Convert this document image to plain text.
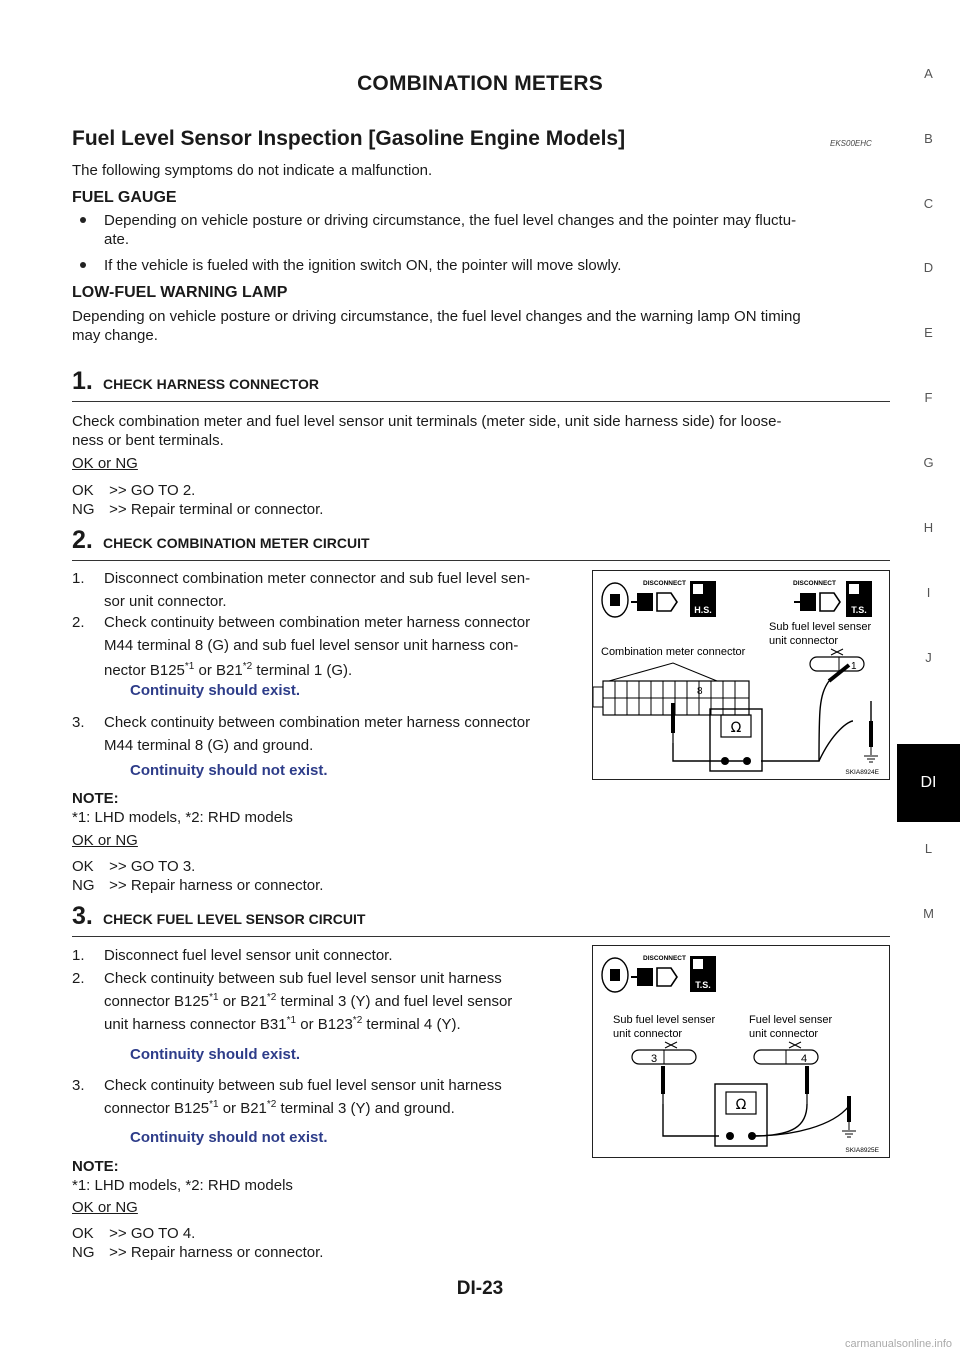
COMBINATION METERS
Fuel Level Sensor Inspection [Gasoline Engine Models]	EKS00EHC
The following symptoms do not indicate a malfunction.
FUEL GAUGE
Depending on vehicle posture or driving circumstance, the fuel level changes and the pointer may fluctu-
ate.
If the vehicle is fueled with the ignition switch ON, the pointer will move slowly.
LOW-FUEL WARNING LAMP
Depending on vehicle posture or driving circumstance, the fuel level changes and the warning lamp ON timing
may change.
1. CHECK HARNESS CONNECTOR
Check combination meter and fuel level sensor unit terminals (meter side, unit side harness side) for loose-
ness or bent terminals.
OK or NG
OK >> GO TO 2.
NG >> Repair terminal or connector.
2. CHECK COMBINATION METER CIRCUIT
1. Disconnect combination meter connector and sub fuel level sen-
sor unit connector.
2. Check continuity between combination meter harness connector
M44 terminal 8 (G) and sub fuel level sensor unit harness con-
nector B125$^{*1}$ or B21$^{*2}$ terminal 1 (G).
Continuity should exist.
3. Check continuity between combination meter harness connector
M44 terminal 8 (G) and ground.
Continuity should not exist.
NOTE:
*1: LHD models, *2: RHD models
OK or NG
OK >> GO TO 3.
NG >> Repair harness or connector.
DISCONNECT
H.S.
DISCONNECT
T.S.
Sub fuel level senser
unit connector
Combination meter connector
8
1
Ω
SKIA8924E
3. CHECK FUEL LEVEL SENSOR CIRCUIT
1. Disconnect fuel level sensor unit connector.
2. Check continuity between sub fuel level sensor unit harness
connector B125$^{*1}$ or B21$^{*2}$ terminal 3 (Y) and fuel level sensor
unit harness connector B31$^{*1}$ or B123$^{*2}$ terminal 4 (Y).
Continuity should exist.
3. Check continuity between sub fuel level sensor unit harness
connector B125$^{*1}$ or B21$^{*2}$ terminal 3 (Y) and ground.
Continuity should not exist.
NOTE:
*1: LHD models, *2: RHD models
OK or NG
OK >> GO TO 4.
NG >> Repair harness or connector.
DISCONNECT
T.S.
Sub fuel level senser
unit connector
Fuel level senser
unit connector
3	4
Ω
SKIA8925E
A
B
C
D
E
F
G
H
I
J
DI
L
M
DI-23
carmanualsonline.info
